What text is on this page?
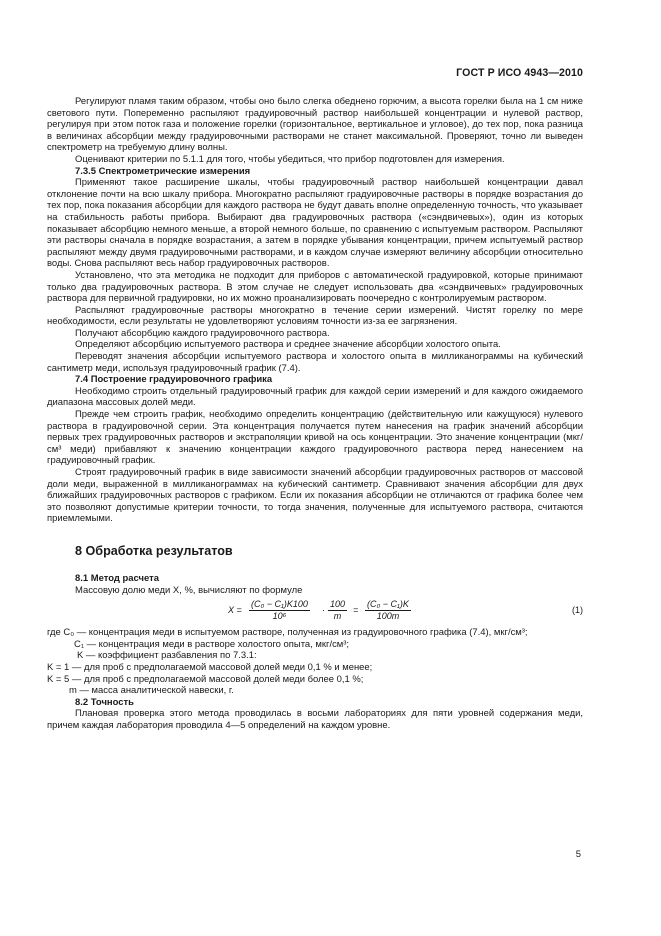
ГОСТ Р ИСО 4943—2010

Регулируют пламя таким образом, чтобы оно было слегка обеднено горючим, а высота горелки была на 1 см ниже светового пути. Попеременно распыляют градуировочный раствор наибольшей концентрации и нулевой раствор, регулируя при этом поток газа и положение горелки (горизонтальное, вертикальное и угловое), до тех пор, пока разница в величинах абсорбции между градуировочными растворами не станет максимальной. Проверяют, точно ли выведен спектрометр на требуемую длину волны.

Оценивают критерии по 5.1.1 для того, чтобы убедиться, что прибор подготовлен для измерения.

7.3.5 Спектрометрические измерения

Применяют такое расширение шкалы, чтобы градуировочный раствор наибольшей концентрации давал отклонение почти на всю шкалу прибора. Многократно распыляют градуировочные растворы в порядке возрастания до тех пор, пока показания абсорбции для каждого раствора не будут давать вполне определенную точность, что указывает на стабильность работы прибора. Выбирают два градуировочных раствора («сэндвичевых»), один из которых показывает абсорбцию немного меньше, а второй немного больше, по сравнению с испытуемым раствором. Распыляют эти растворы сначала в порядке возрастания, а затем в порядке убывания концентрации, причем испытуемый раствор распыляют между двумя градуировочными растворами, и в каждом случае измеряют величину абсорбции относительно воды. Снова распыляют весь набор градуировочных растворов.

Установлено, что эта методика не подходит для приборов с автоматической градуировкой, которые принимают только два градуировочных раствора. В этом случае не следует использовать два «сэндвичевых» градуировочных раствора для первичной градуировки, но их можно проанализировать поочередно с контролируемым раствором.

Распыляют градуировочные растворы многократно в течение серии измерений. Чистят горелку по мере необходимости, если результаты не удовлетворяют условиям точности из-за ее загрязнения.

Получают абсорбцию каждого градуировочного раствора.

Определяют абсорбцию испытуемого раствора и среднее значение абсорбции холостого опыта.

Переводят значения абсорбции испытуемого раствора и холостого опыта в милликанограммы на кубический сантиметр меди, используя градуировочный график (7.4).

7.4 Построение градуировочного графика

Необходимо строить отдельный градуировочный график для каждой серии измерений и для каждого ожидаемого диапазона массовых долей меди.

Прежде чем строить график, необходимо определить концентрацию (действительную или кажущуюся) нулевого раствора в градуировочной серии. Эта концентрация получается путем нанесения на график значений абсорбции первых трех градуировочных растворов и экстраполяции кривой на ось концентрации. Это значение концентрации (мкг/см³ меди) прибавляют к значению концентрации каждого градуировочного раствора перед нанесением на градуировочный график.

Строят градуировочный график в виде зависимости значений абсорбции градуировочных растворов от массовой доли меди, выраженной в милликанограммах на кубический сантиметр. Сравнивают значения абсорбции для двух ближайших градуировочных растворов с графиком. Если их показания абсорбции не отличаются от графика более чем это позволяют допустимые критерии точности, то тогда значения, полученные для испытуемого раствора, считаются приемлемыми.

8 Обработка результатов

8.1 Метод расчета

Массовую долю меди X, %, вычисляют по формуле

$X = \frac{\text{(C₀ − C₁)K100}}{\text{10⁶}} \cdot \frac{100}{m} = \frac{\text{(C₀ − C₁)K}}{100m}$	(1)

где C₀ — концентрация меди в испытуемом растворе, полученная из градуировочного графика (7.4), мкг/см³;

C₁ — концентрация меди в растворе холостого опыта, мкг/см³;

K — коэффициент разбавления по 7.3.1:

K = 1 — для проб с предполагаемой массовой долей меди 0,1 % и менее;

K = 5 — для проб с предполагаемой массовой долей меди более 0,1 %;

m — масса аналитической навески, г.

8.2 Точность

Плановая проверка этого метода проводилась в восьми лабораториях для пяти уровней содержания меди, причем каждая лаборатория проводила 4—5 определений на каждом уровне.

5
